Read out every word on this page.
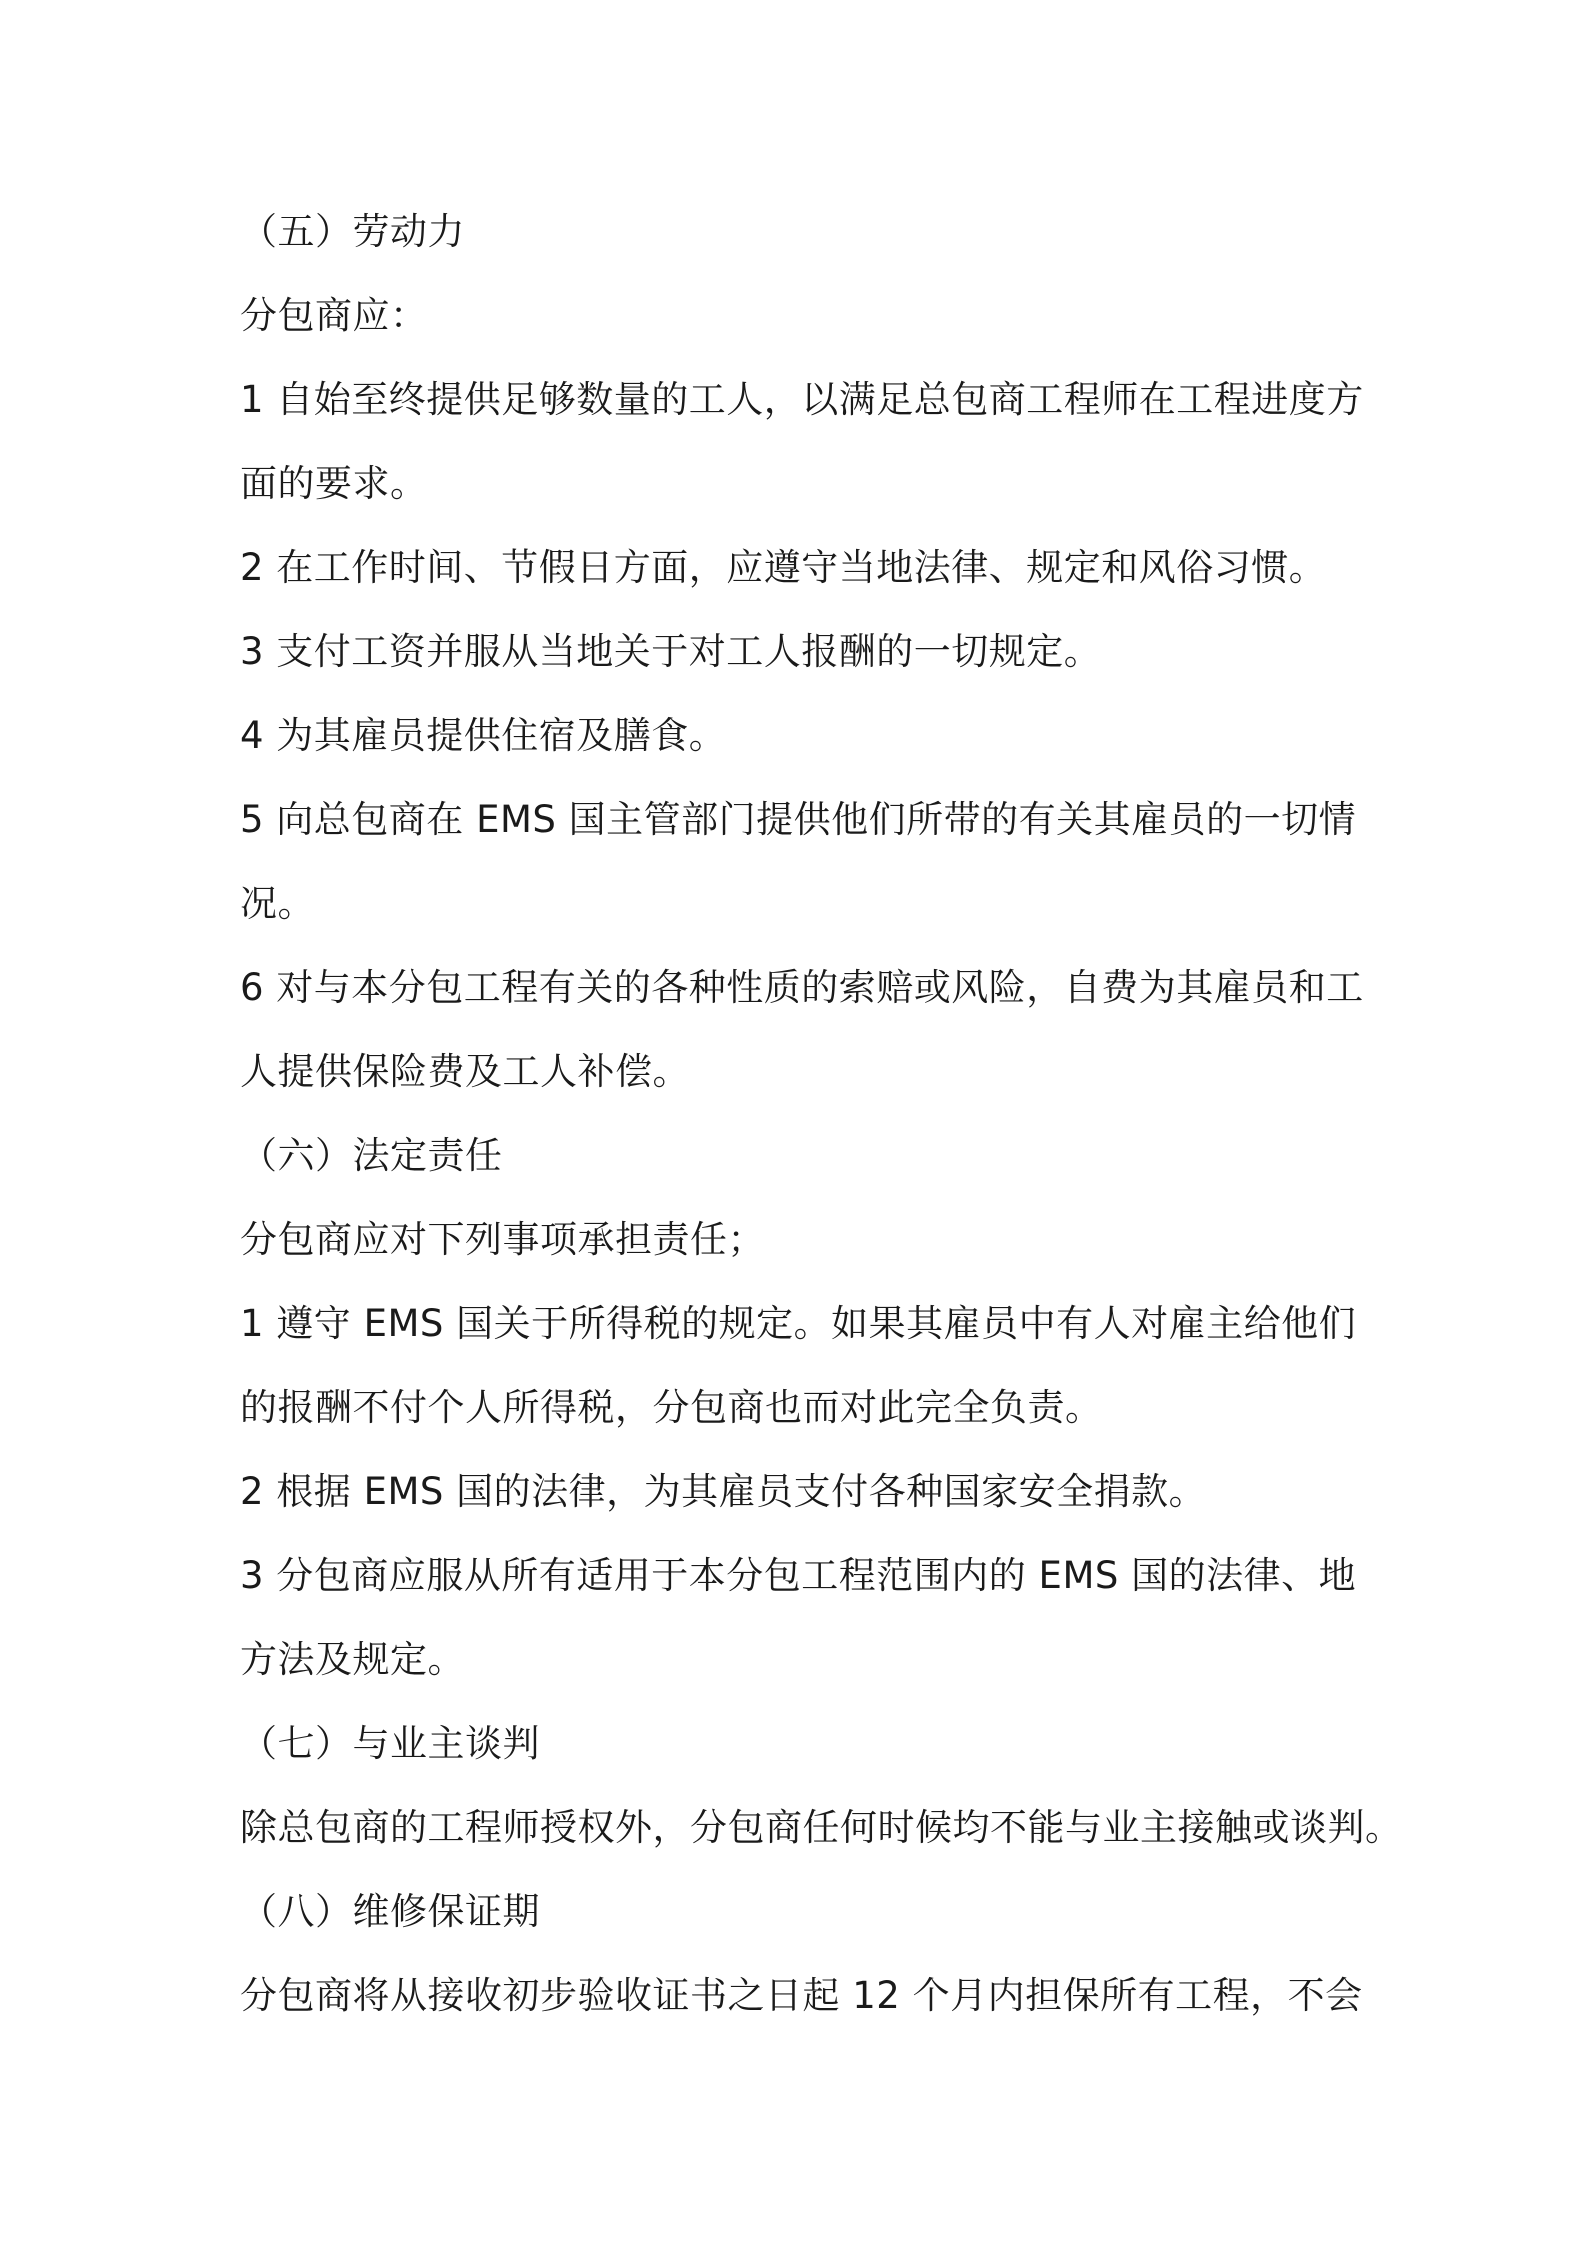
（五）劳动力
分包商应：
1 自始至终提供足够数量的工人，以满足总包商工程师在工程进度方
面的要求。
2 在工作时间、节假日方面，应遵守当地法律、规定和风俗习惯。
3 支付工资并服从当地关于对工人报酬的一切规定。
4 为其雇员提供住宿及膳食。
5 向总包商在 EMS 国主管部门提供他们所带的有关其雇员的一切情
况。
6 对与本分包工程有关的各种性质的索赔或风险，自费为其雇员和工
人提供保险费及工人补偿。
（六）法定责任
分包商应对下列事项承担责任；
1 遵守 EMS 国关于所得税的规定。如果其雇员中有人对雇主给他们
的报酬不付个人所得税，分包商也而对此完全负责。
2 根据 EMS 国的法律，为其雇员支付各种国家安全捐款。
3 分包商应服从所有适用于本分包工程范围内的 EMS 国的法律、地
方法及规定。
（七）与业主谈判
除总包商的工程师授权外，分包商任何时候均不能与业主接触或谈判。
（八）维修保证期
分包商将从接收初步验收证书之日起 12 个月内担保所有工程，不会
